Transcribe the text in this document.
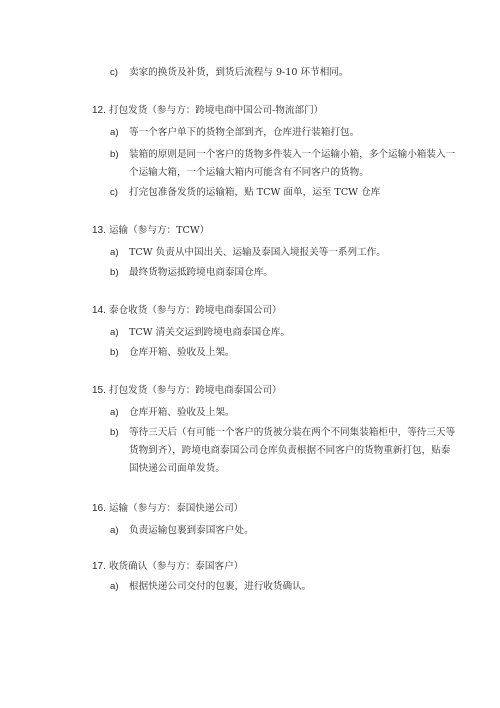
c) 卖家的换货及补货，到货后流程与 9-10 环节相同。
12. 打包发货（参与方：跨境电商中国公司-物流部门）
a) 等一个客户单下的货物全部到齐，仓库进行装箱打包。
b) 装箱的原则是同一个客户的货物多件装入一个运输小箱，多个运输小箱装入一
个运输大箱，一个运输大箱内可能含有不同客户的货物。
c) 打完包准备发货的运输箱，贴 TCW 面单，运至 TCW 仓库
13. 运输（参与方：TCW）
a) TCW 负责从中国出关、运输及泰国入境报关等一系列工作。
b) 最终货物运抵跨境电商泰国仓库。
14. 泰仓收货（参与方：跨境电商泰国公司）
a) TCW 清关交运到跨境电商泰国仓库。
b) 仓库开箱、验收及上架。
15. 打包发货（参与方：跨境电商泰国公司）
a) 仓库开箱、验收及上架。
b) 等待三天后（有可能一个客户的货被分装在两个不同集装箱柜中，等待三天等
货物到齐），跨境电商泰国公司仓库负责根据不同客户的货物重新打包，贴泰
国快递公司面单发货。
16. 运输（参与方：泰国快递公司）
a) 负责运输包裹到泰国客户处。
17. 收货确认（参与方：泰国客户）
a) 根据快递公司交付的包裹，进行收货确认。
